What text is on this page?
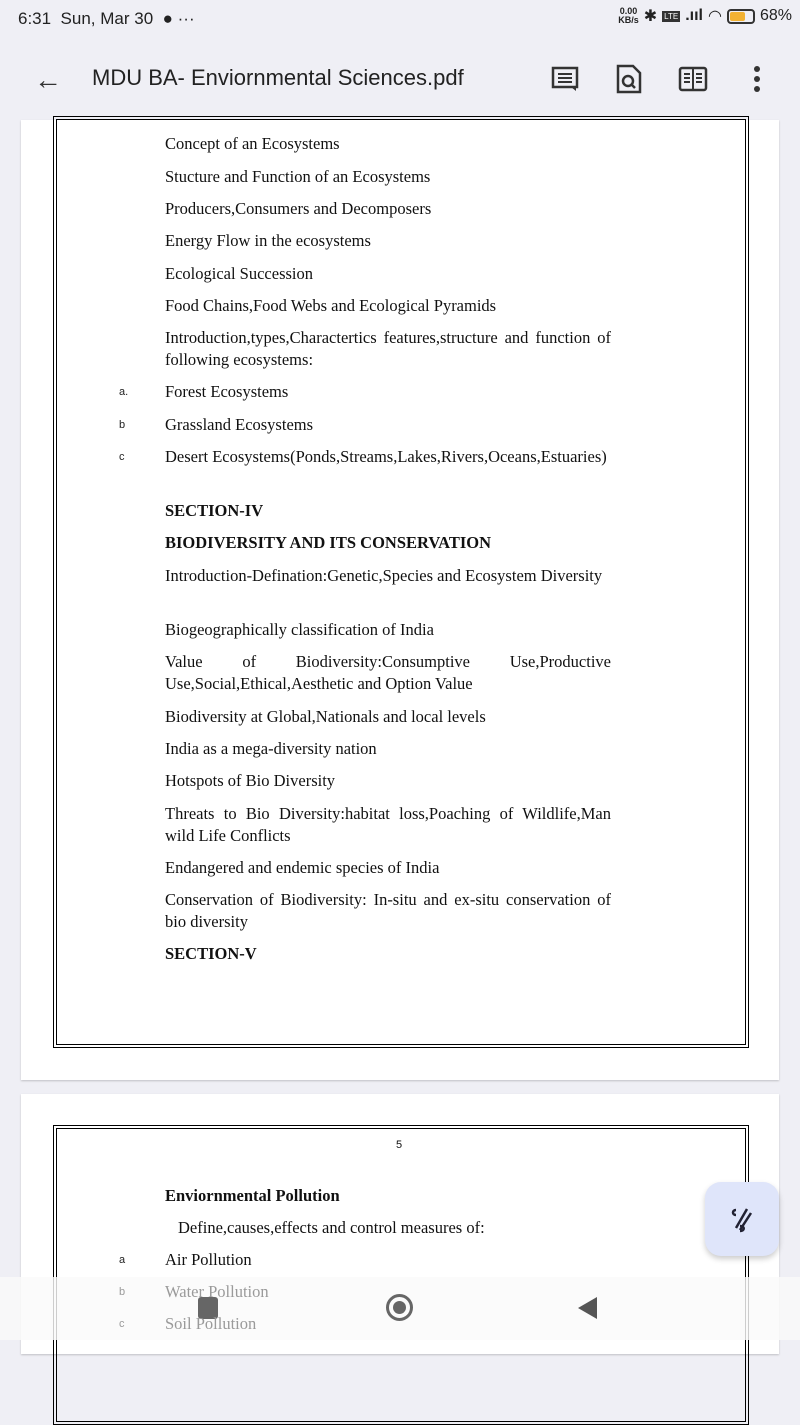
6:31 Sun, Mar 30 ● ···	0.00
KB/s ✱ LTE .ııl ◠ 68%
← MDU BA- Enviornmental Sciences.pdf
Concept of an Ecosystems
Stucture and Function of an Ecosystems
Producers,Consumers and Decomposers
Energy Flow in the ecosystems
Ecological Succession
Food Chains,Food Webs and Ecological Pyramids
Introduction,types,Charactertics features,structure and function of following ecosystems:
a. Forest Ecosystems
b Grassland Ecosystems
c Desert Ecosystems(Ponds,Streams,Lakes,Rivers,Oceans,Estuaries)
SECTION-IV
BIODIVERSITY AND ITS CONSERVATION
Introduction-Defination:Genetic,Species and Ecosystem Diversity
Biogeographically classification of India
Value of Biodiversity:Consumptive Use,Productive Use,Social,Ethical,Aesthetic and Option Value
Biodiversity at Global,Nationals and local levels
India as a mega-diversity nation
Hotspots of Bio Diversity
Threats to Bio Diversity:habitat loss,Poaching of Wildlife,Man wild Life Conflicts
Endangered and endemic species of India
Conservation of Biodiversity: In-situ and ex-situ conservation of bio diversity
SECTION-V
5
Enviornmental Pollution
Define,causes,effects and control measures of:
a Air Pollution
b Water Pollution
c Soil Pollution
